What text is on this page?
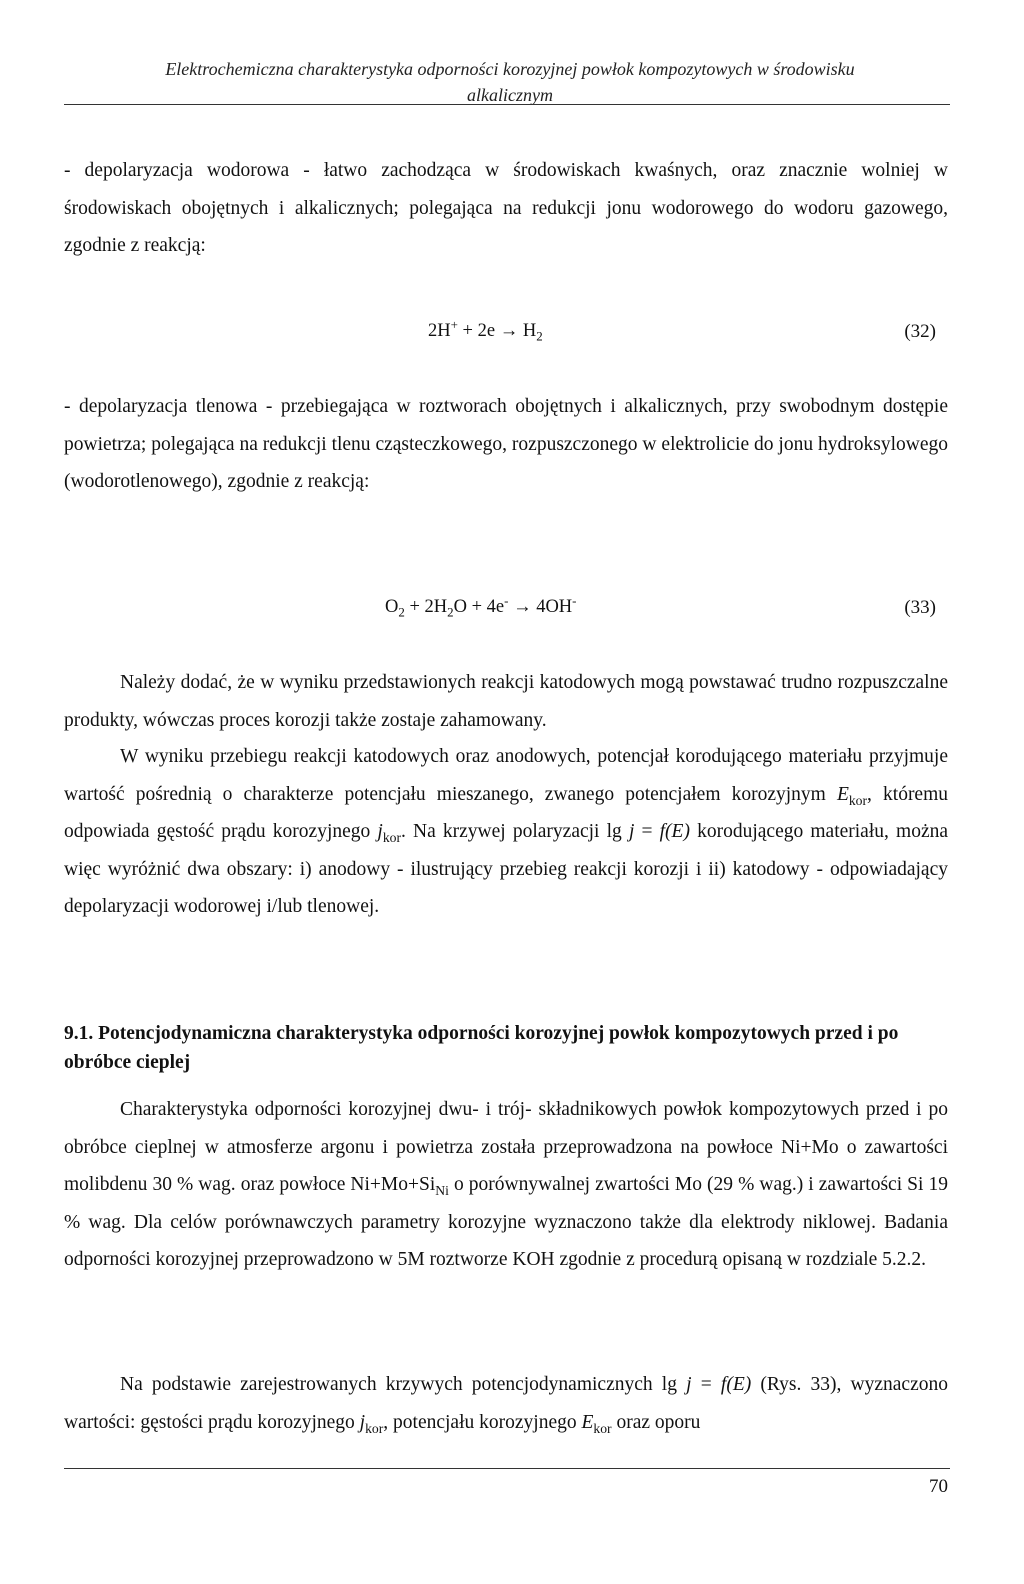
Elektrochemiczna charakterystyka odporności korozyjnej powłok kompozytowych w środowisku
alkalicznym

- depolaryzacja wodorowa - łatwo zachodząca w środowiskach kwaśnych, oraz znacznie wolniej w środowiskach obojętnych i alkalicznych; polegająca na redukcji jonu wodorowego do wodoru gazowego, zgodnie z reakcją:

$2H^+ + 2e \to H_2$	(32)

- depolaryzacja tlenowa - przebiegająca w roztworach obojętnych i alkalicznych, przy swobodnym dostępie powietrza; polegająca na redukcji tlenu cząsteczkowego, rozpuszczonego w elektrolicie do jonu hydroksylowego (wodorotlenowego), zgodnie z reakcją:

$O_2 + 2H_2O + 4e^- \to 4OH^-$	(33)

Należy dodać, że w wyniku przedstawionych reakcji katodowych mogą powstawać trudno rozpuszczalne produkty, wówczas proces korozji także zostaje zahamowany.

W wyniku przebiegu reakcji katodowych oraz anodowych, potencjał korodującego materiału przyjmuje wartość pośrednią o charakterze potencjału mieszanego, zwanego potencjałem korozyjnym $E_{kor}$, któremu odpowiada gęstość prądu korozyjnego $j_{kor}$. Na krzywej polaryzacji lg j = f(E) korodującego materiału, można więc wyróżnić dwa obszary: i) anodowy - ilustrujący przebieg reakcji korozji i ii) katodowy - odpowiadający depolaryzacji wodorowej i/lub tlenowej.

9.1. Potencjodynamiczna charakterystyka odporności korozyjnej powłok kompozytowych przed i po obróbce cieplej

Charakterystyka odporności korozyjnej dwu- i trój- składnikowych powłok kompozytowych przed i po obróbce cieplnej w atmosferze argonu i powietrza została przeprowadzona na powłoce Ni+Mo o zawartości molibdenu 30 % wag. oraz powłoce $Ni+Mo+Si_{Ni}$ o porównywalnej zwartości Mo (29 % wag.) i zawartości Si 19 % wag. Dla celów porównawczych parametry korozyjne wyznaczono także dla elektrody niklowej. Badania odporności korozyjnej przeprowadzono w 5M roztworze KOH zgodnie z procedurą opisaną w rozdziale 5.2.2.

Na podstawie zarejestrowanych krzywych potencjodynamicznych lg j = f(E) (Rys. 33), wyznaczono wartości: gęstości prądu korozyjnego $j_{kor}$, potencjału korozyjnego $E_{kor}$ oraz oporu

70
